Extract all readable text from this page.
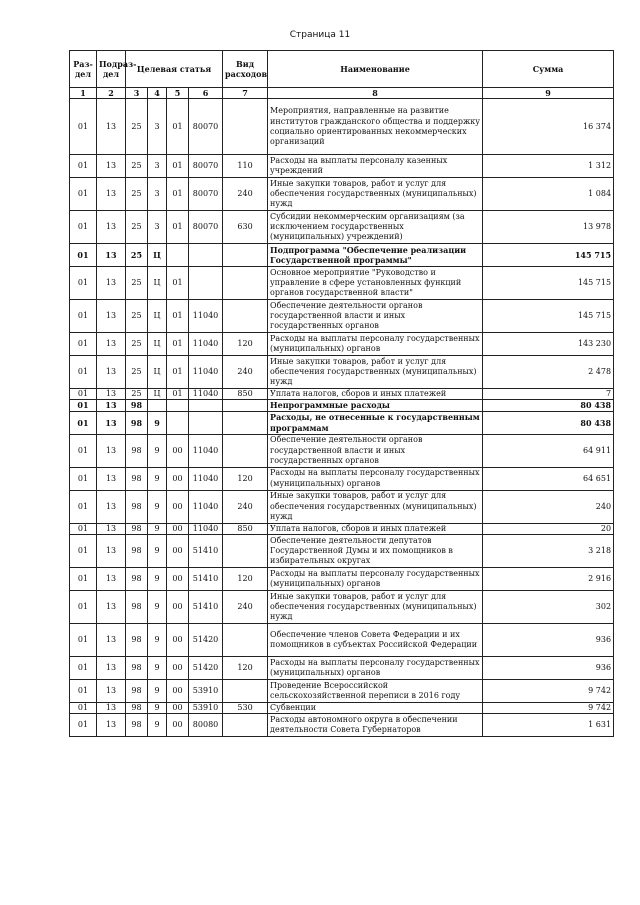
Страница 11
Раз-дел	Подраз-дел	Целевая статья				Вид расходов	Наименование	Сумма
1	2	3	4	5	6	7	8	9
01	13	25	3	01	80070		Мероприятия, направленные на развитие институтов гражданского общества и поддержку социально ориентированных некоммерческих организаций	16 374
01	13	25	3	01	80070	110	Расходы на выплаты персоналу казенных учреждений	1 312
01	13	25	3	01	80070	240	Иные закупки товаров, работ и услуг для обеспечения государственных (муниципальных) нужд	1 084
01	13	25	3	01	80070	630	Субсидии некоммерческим организациям (за исключением государственных (муниципальных) учреждений)	13 978
01	13	25	Ц				Подпрограмма "Обеспечение реализации Государственной программы"	145 715
01	13	25	Ц	01			Основное мероприятие "Руководство и управление в сфере установленных функций органов государственной власти"	145 715
01	13	25	Ц	01	11040		Обеспечение деятельности органов государственной власти и иных государственных органов	145 715
01	13	25	Ц	01	11040	120	Расходы на выплаты персоналу государственных (муниципальных) органов	143 230
01	13	25	Ц	01	11040	240	Иные закупки товаров, работ и услуг для обеспечения государственных (муниципальных) нужд	2 478
01	13	25	Ц	01	11040	850	Уплата налогов, сборов и иных платежей	7
01	13	98					Непрограммные расходы	80 438
01	13	98	9				Расходы, не отнесенные к государственным программам	80 438
01	13	98	9	00	11040		Обеспечение деятельности органов государственной власти и иных государственных органов	64 911
01	13	98	9	00	11040	120	Расходы на выплаты персоналу государственных (муниципальных) органов	64 651
01	13	98	9	00	11040	240	Иные закупки товаров, работ и услуг для обеспечения государственных (муниципальных) нужд	240
01	13	98	9	00	11040	850	Уплата налогов, сборов и иных платежей	20
01	13	98	9	00	51410		Обеспечение деятельности депутатов Государственной Думы и их помощников в избирательных округах	3 218
01	13	98	9	00	51410	120	Расходы на выплаты персоналу государственных (муниципальных) органов	2 916
01	13	98	9	00	51410	240	Иные закупки товаров, работ и услуг для обеспечения государственных (муниципальных) нужд	302
01	13	98	9	00	51420		Обеспечение членов Совета Федерации и их помощников в субъектах Российской Федерации	936
01	13	98	9	00	51420	120	Расходы на выплаты персоналу государственных (муниципальных) органов	936
01	13	98	9	00	53910		Проведение Всероссийской сельскохозяйственной переписи в 2016 году	9 742
01	13	98	9	00	53910	530	Субвенции	9 742
01	13	98	9	00	80080		Расходы автономного округа в обеспечении деятельности Совета Губернаторов	1 631
